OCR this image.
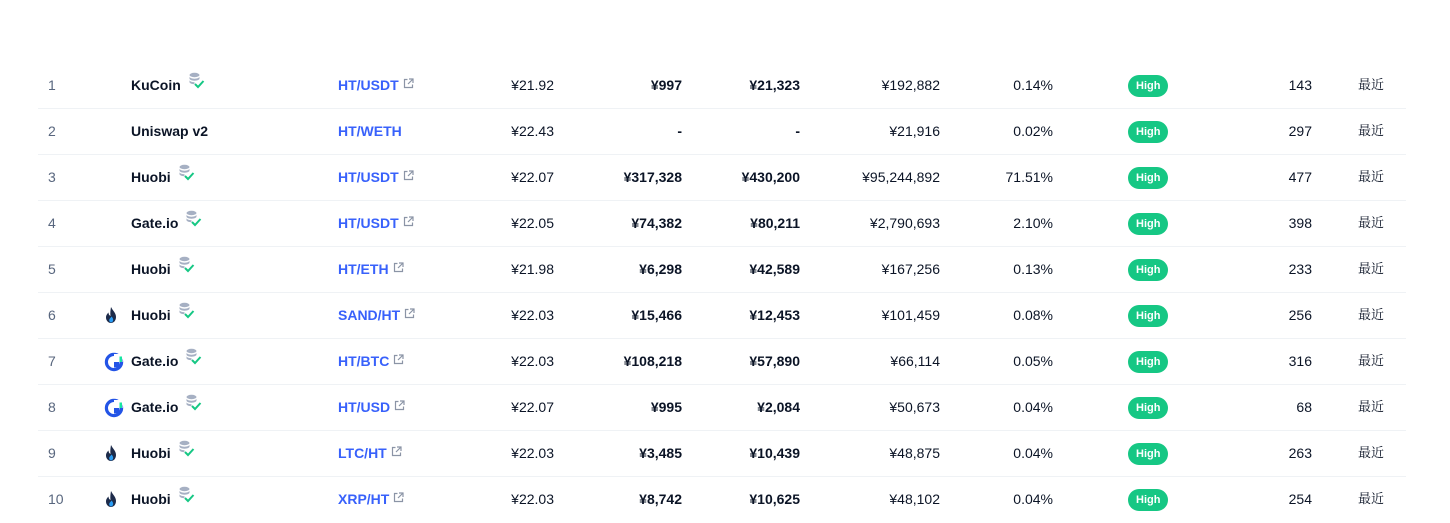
1	KuCoin	HT/USDT	¥21.92	¥997	¥21,323	¥192,882	0.14%	High	143	最近
2	Uniswap v2	HT/WETH	¥22.43	-	-	¥21,916	0.02%	High	297	最近
3	Huobi	HT/USDT	¥22.07	¥317,328	¥430,200	¥95,244,892	71.51%	High	477	最近
4	Gate.io	HT/USDT	¥22.05	¥74,382	¥80,211	¥2,790,693	2.10%	High	398	最近
5	Huobi	HT/ETH	¥21.98	¥6,298	¥42,589	¥167,256	0.13%	High	233	最近
6	Huobi	SAND/HT	¥22.03	¥15,466	¥12,453	¥101,459	0.08%	High	256	最近
7	Gate.io	HT/BTC	¥22.03	¥108,218	¥57,890	¥66,114	0.05%	High	316	最近
8	Gate.io	HT/USD	¥22.07	¥995	¥2,084	¥50,673	0.04%	High	68	最近
9	Huobi	LTC/HT	¥22.03	¥3,485	¥10,439	¥48,875	0.04%	High	263	最近
10	Huobi	XRP/HT	¥22.03	¥8,742	¥10,625	¥48,102	0.04%	High	254	最近
